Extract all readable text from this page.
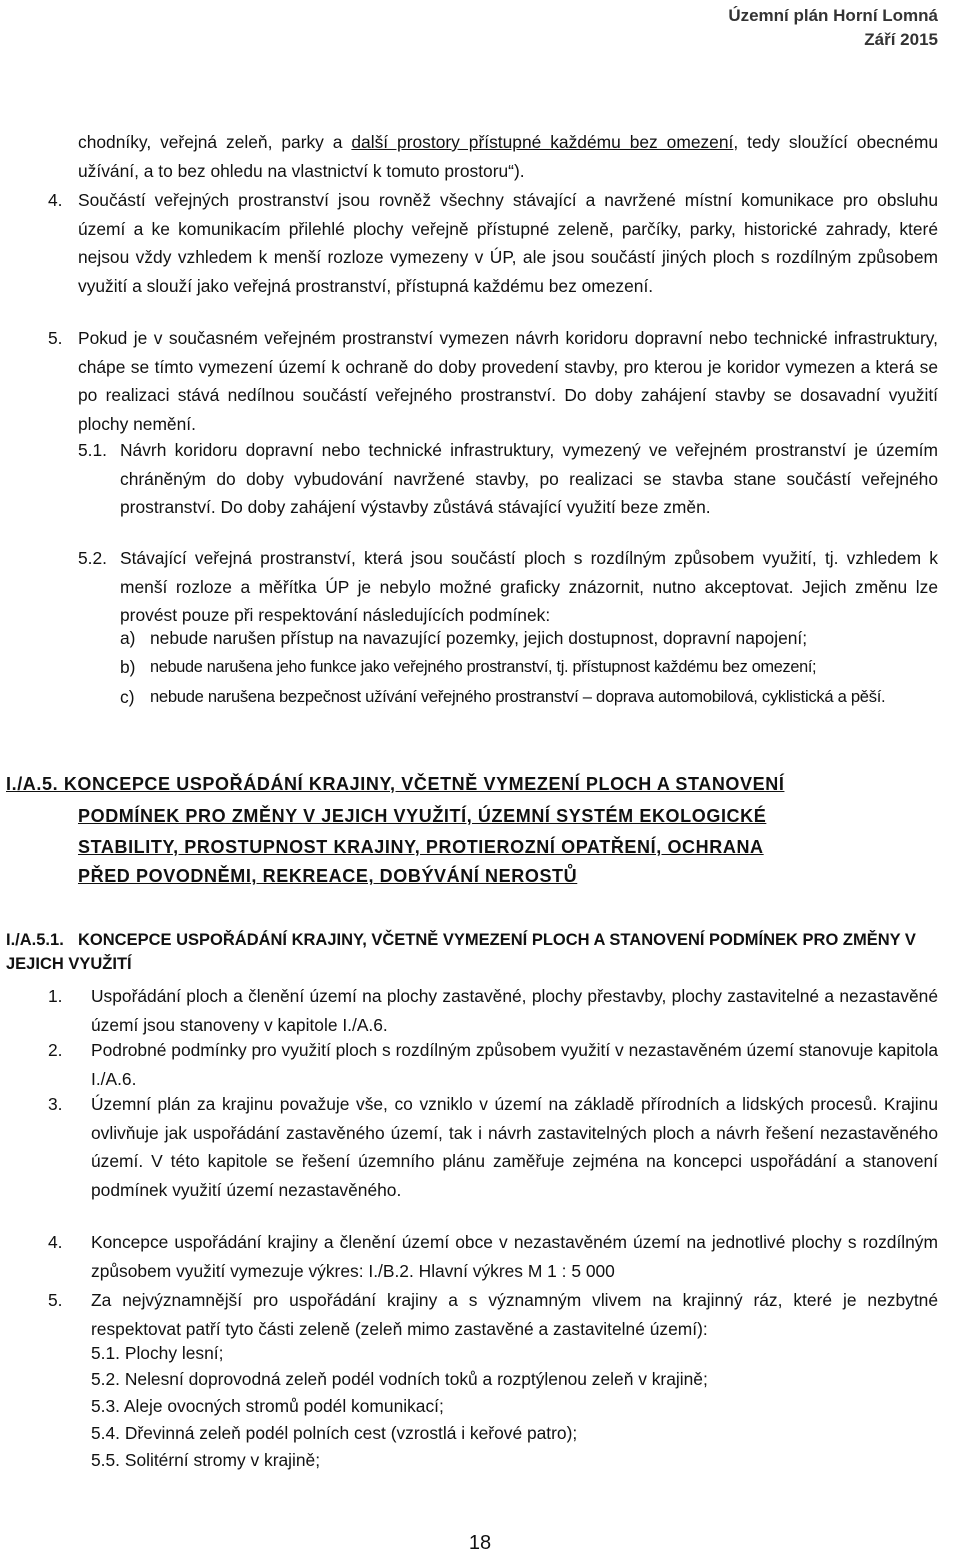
Územní plán Horní Lomná
Září 2015
chodníky, veřejná zeleň, parky a další prostory přístupné každému bez omezení, tedy sloužící obecnému užívání, a to bez ohledu na vlastnictví k tomuto prostoru“).
4. Součástí veřejných prostranství jsou rovněž všechny stávající a navržené místní komunikace pro obsluhu území a ke komunikacím přilehlé plochy veřejně přístupné zeleně, parčíky, parky, historické zahrady, které nejsou vždy vzhledem k menší rozloze vymezeny v ÚP, ale jsou součástí jiných ploch s rozdílným způsobem využití a slouží jako veřejná prostranství, přístupná každému bez omezení.
5. Pokud je v současném veřejném prostranství vymezen návrh koridoru dopravní nebo technické infrastruktury, chápe se tímto vymezení území k ochraně do doby provedení stavby, pro kterou je koridor vymezen a která se po realizaci stává nedílnou součástí veřejného prostranství. Do doby zahájení stavby se dosavadní využití plochy nemění.
5.1. Návrh koridoru dopravní nebo technické infrastruktury, vymezený ve veřejném prostranství je územím chráněným do doby vybudování navržené stavby, po realizaci se stavba stane součástí veřejného prostranství. Do doby zahájení výstavby zůstává stávající využití beze změn.
5.2. Stávající veřejná prostranství, která jsou součástí ploch s rozdílným způsobem využití, tj. vzhledem k menší rozloze a měřítka ÚP je nebylo možné graficky znázornit, nutno akceptovat. Jejich změnu lze provést pouze při respektování následujících podmínek:
a) nebude narušen přístup na navazující pozemky, jejich dostupnost, dopravní napojení;
b) nebude narušena jeho funkce jako veřejného prostranství, tj. přístupnost každému bez omezení;
c) nebude narušena bezpečnost užívání veřejného prostranství – doprava automobilová, cyklistická a pěší.
I./A.5. KONCEPCE USPOŘÁDÁNÍ KRAJINY, VČETNĚ VYMEZENÍ PLOCH A STANOVENÍ
PODMÍNEK PRO ZMĚNY V JEJICH VYUŽITÍ, ÚZEMNÍ SYSTÉM EKOLOGICKÉ
STABILITY, PROSTUPNOST KRAJINY, PROTIEROZNÍ OPATŘENÍ, OCHRANA
PŘED POVODNĚMI, REKREACE, DOBÝVÁNÍ NEROSTŮ
I./A.5.1. KONCEPCE USPOŘÁDÁNÍ KRAJINY, VČETNĚ VYMEZENÍ PLOCH A STANOVENÍ PODMÍNEK PRO ZMĚNY V JEJICH VYUŽITÍ
1. Uspořádání ploch a členění území na plochy zastavěné, plochy přestavby, plochy zastavitelné a nezastavěné území jsou stanoveny v kapitole I./A.6.
2. Podrobné podmínky pro využití ploch s rozdílným způsobem využití v nezastavěném území stanovuje kapitola I./A.6.
3. Územní plán za krajinu považuje vše, co vzniklo v území na základě přírodních a lidských procesů. Krajinu ovlivňuje jak uspořádání zastavěného území, tak i návrh zastavitelných ploch a návrh řešení nezastavěného území. V této kapitole se řešení územního plánu zaměřuje zejména na koncepci uspořádání a stanovení podmínek využití území nezastavěného.
4. Koncepce uspořádání krajiny a členění území obce v nezastavěném území na jednotlivé plochy s rozdílným způsobem využití vymezuje výkres: I./B.2. Hlavní výkres M 1 : 5 000
5. Za nejvýznamnější pro uspořádání krajiny a s významným vlivem na krajinný ráz, které je nezbytné respektovat patří tyto části zeleně (zeleň mimo zastavěné a zastavitelné území):
5.1. Plochy lesní;
5.2. Nelesní doprovodná zeleň podél vodních toků a rozptýlenou zeleň v krajině;
5.3. Aleje ovocných stromů podél komunikací;
5.4. Dřevinná zeleň podél polních cest (vzrostlá i keřové patro);
5.5. Solitérní stromy v krajině;
18
